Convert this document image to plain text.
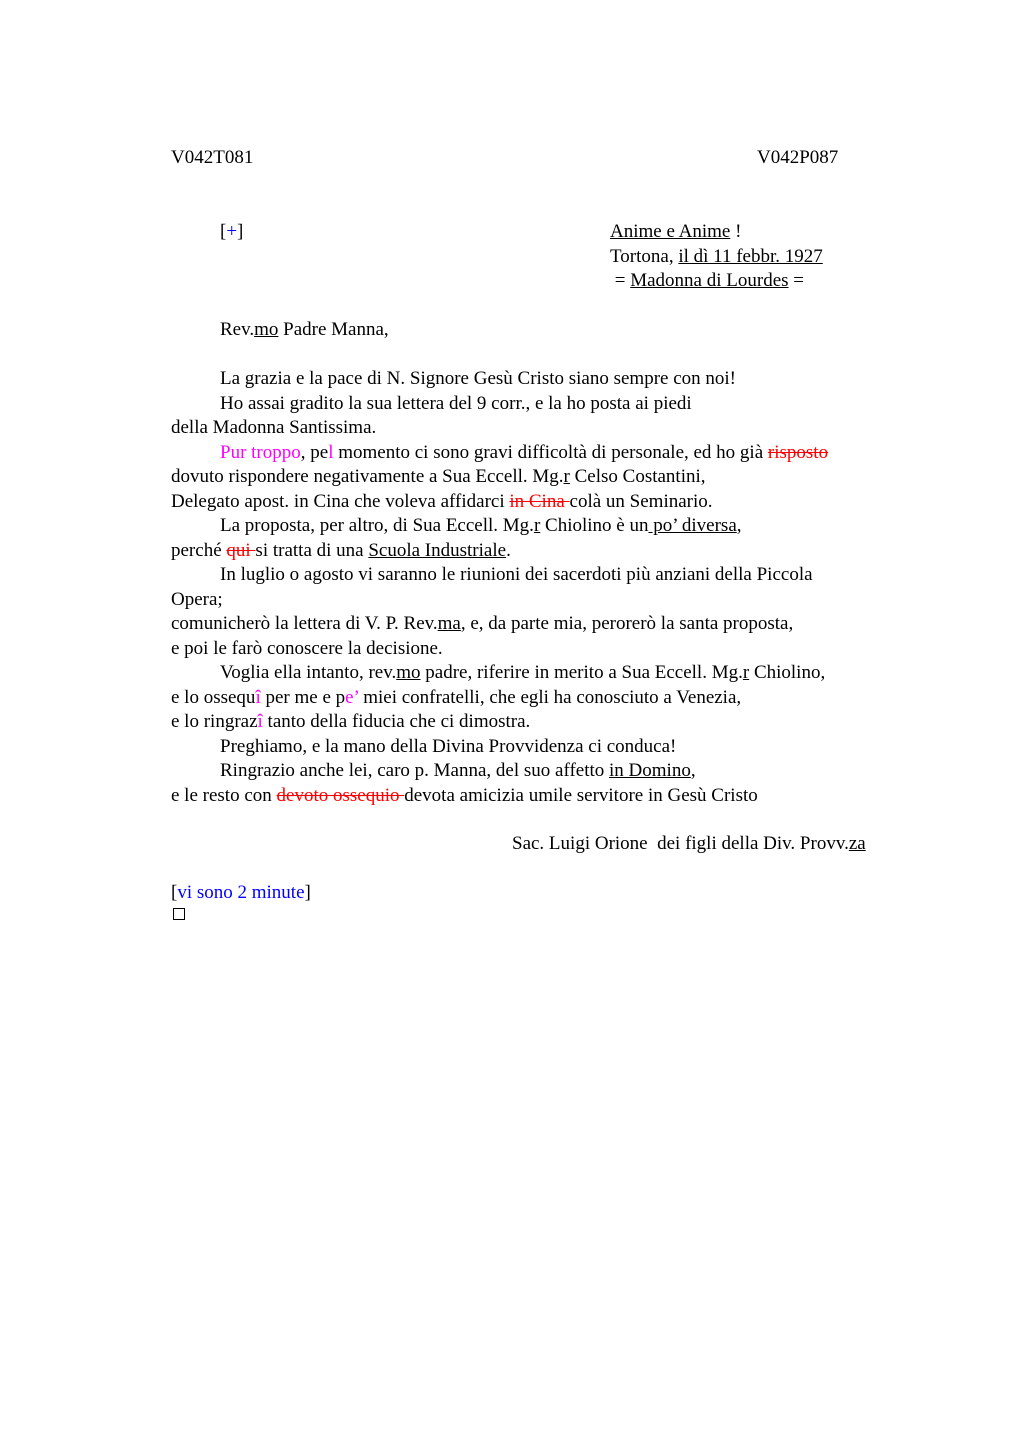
V042T081	V042P087
[+]	Anime e Anime !
Tortona, il dì 11 febbr. 1927
= Madonna di Lourdes =
Rev.mo Padre Manna,
La grazia e la pace di N. Signore Gesù Cristo siano sempre con noi!
Ho assai gradito la sua lettera del 9 corr., e la ho posta ai piedi
della Madonna Santissima.
Pur troppo, pel momento ci sono gravi difficoltà di personale, ed ho già risposto
dovuto rispondere negativamente a Sua Eccell. Mg.r Celso Costantini,
Delegato apost. in Cina che voleva affidarci in Cina colà un Seminario.
La proposta, per altro, di Sua Eccell. Mg.r Chiolino è un po’ diversa,
perché qui si tratta di una Scuola Industriale.
In luglio o agosto vi saranno le riunioni dei sacerdoti più anziani della Piccola
Opera;
comunicherò la lettera di V. P. Rev.ma, e, da parte mia, perorerò la santa proposta,
e poi le farò conoscere la decisione.
Voglia ella intanto, rev.mo padre, riferire in merito a Sua Eccell. Mg.r Chiolino,
e lo ossequî per me e pe’ miei confratelli, che egli ha conosciuto a Venezia,
e lo ringrazî tanto della fiducia che ci dimostra.
Preghiamo, e la mano della Divina Provvidenza ci conduca!
Ringrazio anche lei, caro p. Manna, del suo affetto in Domino,
e le resto con devoto ossequio devota amicizia umile servitore in Gesù Cristo
Sac. Luigi Orione  dei figli della Div. Provv.za
[vi sono 2 minute]
